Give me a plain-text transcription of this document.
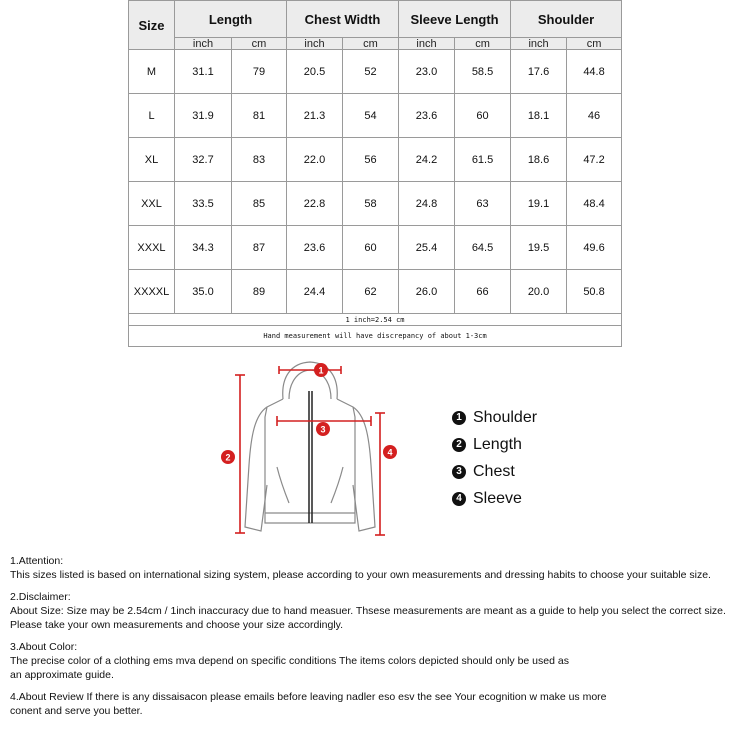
Size	Length		Chest Width		Sleeve Length		Shoulder	
	inch	cm	inch	cm	inch	cm	inch	cm
M	31.1	79	20.5	52	23.0	58.5	17.6	44.8
L	31.9	81	21.3	54	23.6	60	18.1	46
XL	32.7	83	22.0	56	24.2	61.5	18.6	47.2
XXL	33.5	85	22.8	58	24.8	63	19.1	48.4
XXXL	34.3	87	23.6	60	25.4	64.5	19.5	49.6
XXXXL	35.0	89	24.4	62	26.0	66	20.0	50.8
1 inch=2.54 cm								
Hand measurement will have discrepancy of about 1-3cm								
1
2
3
4
1 Shoulder
2 Length
3 Chest
4 Sleeve

1.Attention:

This sizes listed is based on international sizing system, please according to your own measurements and dressing habits to choose your suitable size.

2.Disclaimer:

About Size: Size may be 2.54cm / 1inch inaccuracy due to hand measuer. Thsese measurements are meant as a guide to help you select the correct size.

Please take your own measurements and choose your size accordingly.

3.About Color:

The precise color of a clothing ems mva depend on specific conditions The items colors depicted should only be used as

an approximate guide.

4.About Review If there is any dissaisacon please emails before leaving nadler eso esv the see Your ecognition w make us more

conent and serve you better.
